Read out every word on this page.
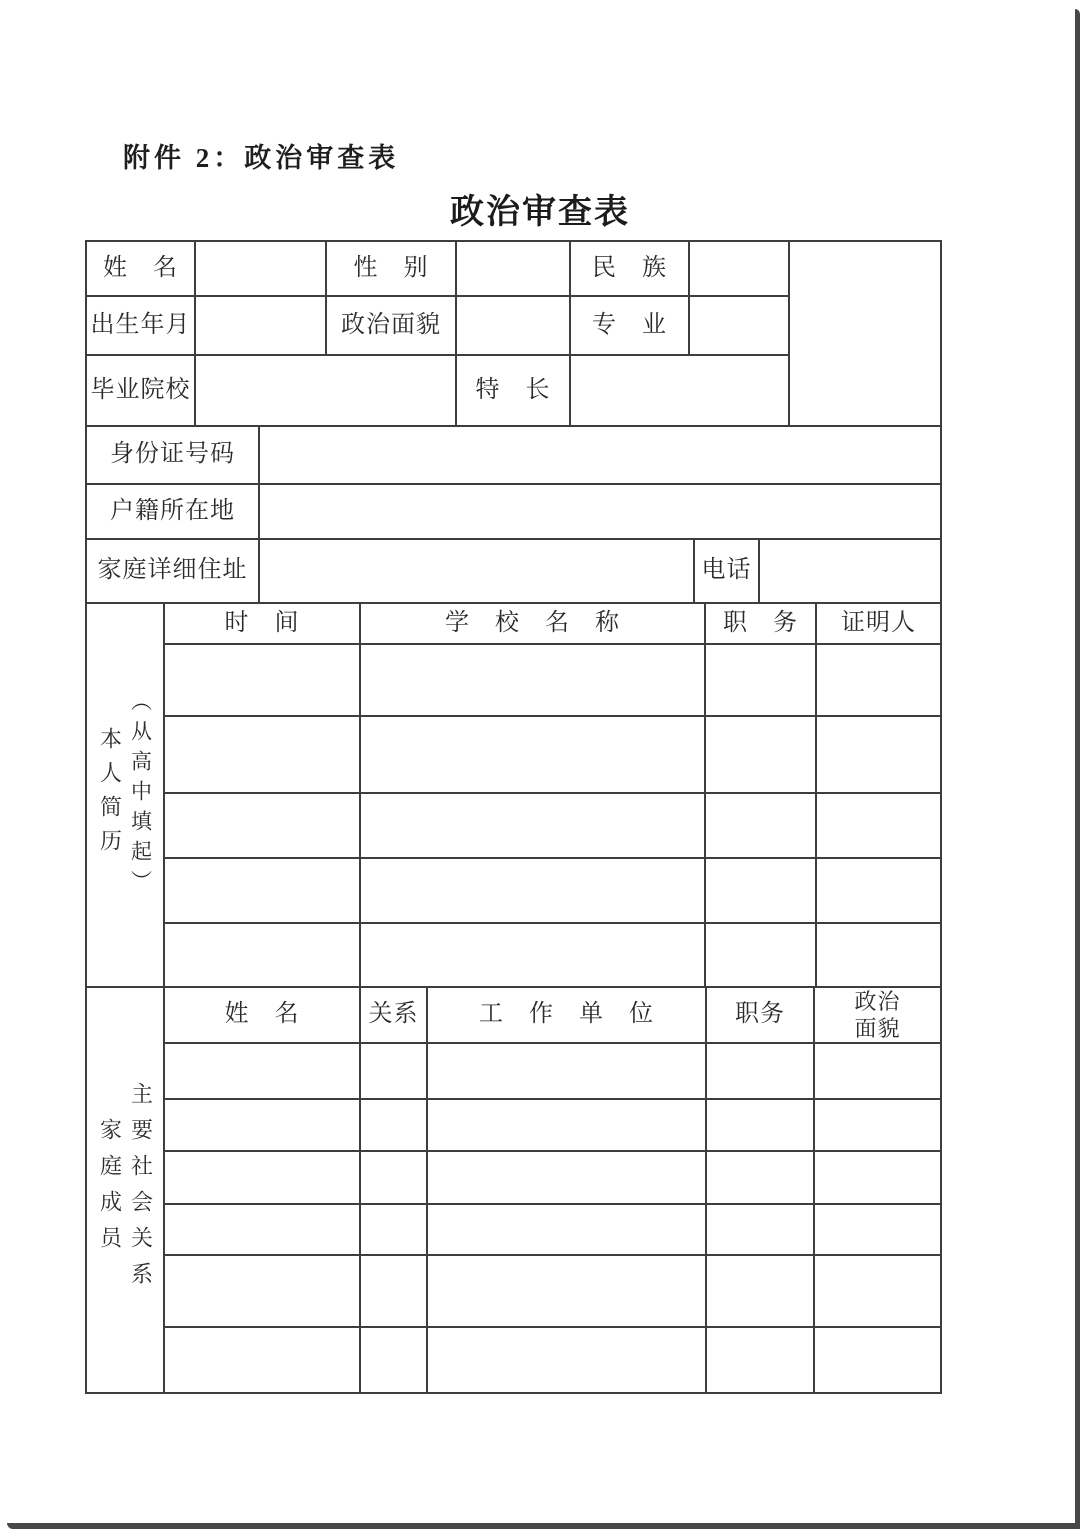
附件 2：政治审查表
政治审查表
姓　名		性　别		民　族		
出生年月		政治面貌		专　业		
毕业院校			特　长			
身份证号码			
户籍所在地			
家庭详细住址		电话	
本人简历 （从高中填起）	时　间	学　校　名　称	职　务	证明人

家庭成员 主要社会关系
	姓　名	关系	工　作　单　位	职务	政治
面貌
